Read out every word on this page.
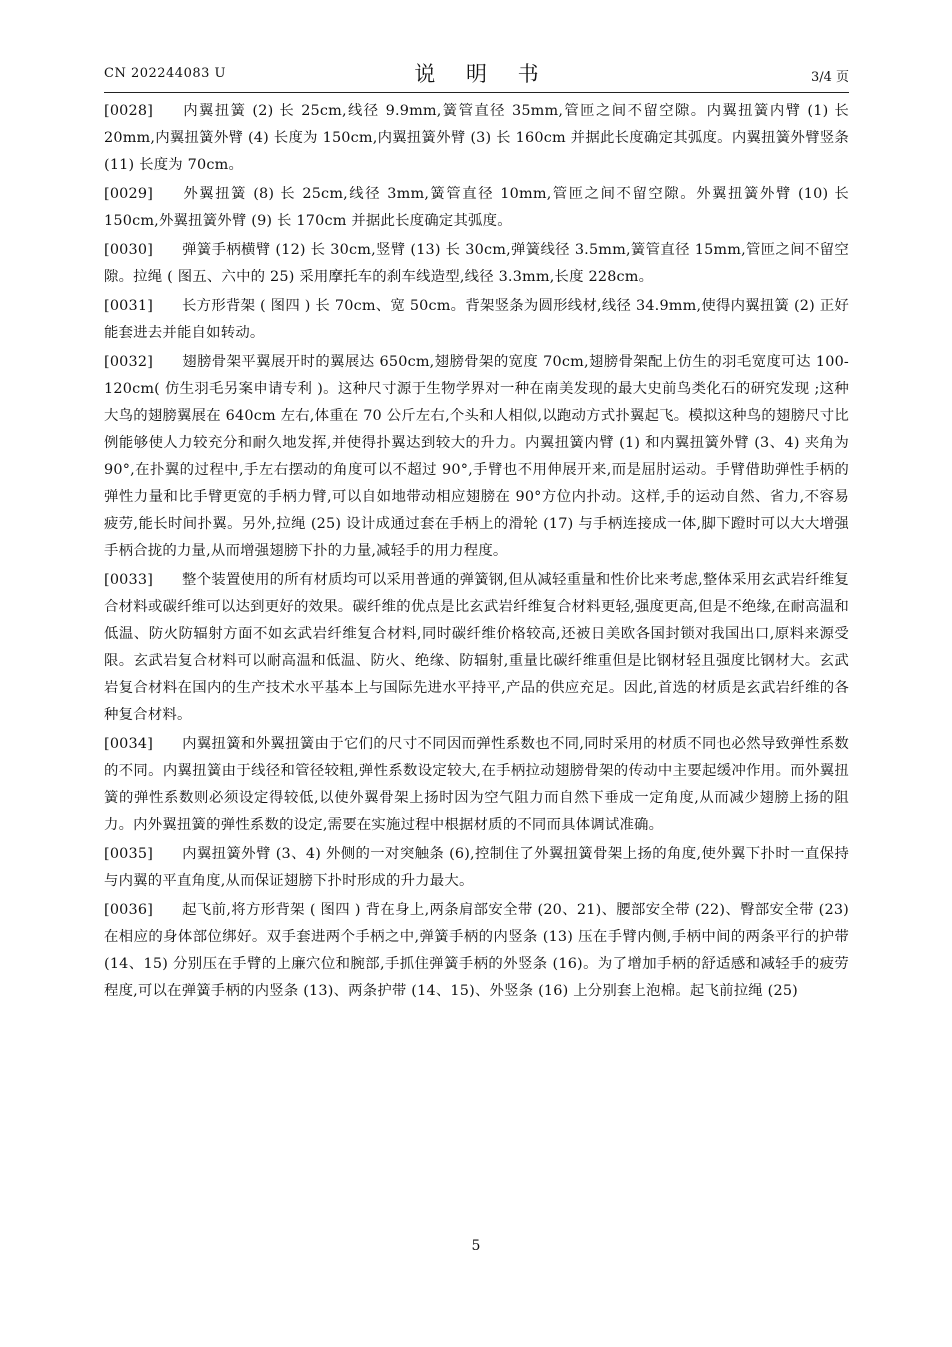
CN 202244083 U	说 明 书	3/4 页

[0028] 内翼扭簧 (2) 长 25cm,线径 9.9mm,簧管直径 35mm,管匝之间不留空隙。内翼扭簧内臂 (1) 长 20mm,内翼扭簧外臂 (4) 长度为 150cm,内翼扭簧外臂 (3) 长 160cm 并据此长度确定其弧度。内翼扭簧外臂竖条 (11) 长度为 70cm。

[0029] 外翼扭簧 (8) 长 25cm,线径 3mm,簧管直径 10mm,管匝之间不留空隙。外翼扭簧外臂 (10) 长 150cm,外翼扭簧外臂 (9) 长 170cm 并据此长度确定其弧度。

[0030] 弹簧手柄横臂 (12) 长 30cm,竖臂 (13) 长 30cm,弹簧线径 3.5mm,簧管直径 15mm,管匝之间不留空隙。拉绳 ( 图五、六中的 25) 采用摩托车的刹车线造型,线径 3.3mm,长度 228cm。

[0031] 长方形背架 ( 图四 ) 长 70cm、宽 50cm。背架竖条为圆形线材,线径 34.9mm,使得内翼扭簧 (2) 正好能套进去并能自如转动。

[0032] 翅膀骨架平翼展开时的翼展达 650cm,翅膀骨架的宽度 70cm,翅膀骨架配上仿生的羽毛宽度可达 100-120cm( 仿生羽毛另案申请专利 )。这种尺寸源于生物学界对一种在南美发现的最大史前鸟类化石的研究发现 ;这种大鸟的翅膀翼展在 640cm 左右,体重在 70 公斤左右,个头和人相似,以跑动方式扑翼起飞。模拟这种鸟的翅膀尺寸比例能够使人力较充分和耐久地发挥,并使得扑翼达到较大的升力。内翼扭簧内臂 (1) 和内翼扭簧外臂 (3、4) 夹角为 90°,在扑翼的过程中,手左右摆动的角度可以不超过 90°,手臂也不用伸展开来,而是屈肘运动。手臂借助弹性手柄的弹性力量和比手臂更宽的手柄力臂,可以自如地带动相应翅膀在 90°方位内扑动。这样,手的运动自然、省力,不容易疲劳,能长时间扑翼。另外,拉绳 (25) 设计成通过套在手柄上的滑轮 (17) 与手柄连接成一体,脚下蹬时可以大大增强手柄合拢的力量,从而增强翅膀下扑的力量,减轻手的用力程度。

[0033] 整个装置使用的所有材质均可以采用普通的弹簧钢,但从减轻重量和性价比来考虑,整体采用玄武岩纤维复合材料或碳纤维可以达到更好的效果。碳纤维的优点是比玄武岩纤维复合材料更轻,强度更高,但是不绝缘,在耐高温和低温、防火防辐射方面不如玄武岩纤维复合材料,同时碳纤维价格较高,还被日美欧各国封锁对我国出口,原料来源受限。玄武岩复合材料可以耐高温和低温、防火、绝缘、防辐射,重量比碳纤维重但是比钢材轻且强度比钢材大。玄武岩复合材料在国内的生产技术水平基本上与国际先进水平持平,产品的供应充足。因此,首选的材质是玄武岩纤维的各种复合材料。

[0034] 内翼扭簧和外翼扭簧由于它们的尺寸不同因而弹性系数也不同,同时采用的材质不同也必然导致弹性系数的不同。内翼扭簧由于线径和管径较粗,弹性系数设定较大,在手柄拉动翅膀骨架的传动中主要起缓冲作用。而外翼扭簧的弹性系数则必须设定得较低,以使外翼骨架上扬时因为空气阻力而自然下垂成一定角度,从而减少翅膀上扬的阻力。内外翼扭簧的弹性系数的设定,需要在实施过程中根据材质的不同而具体调试准确。

[0035] 内翼扭簧外臂 (3、4) 外侧的一对突触条 (6),控制住了外翼扭簧骨架上扬的角度,使外翼下扑时一直保持与内翼的平直角度,从而保证翅膀下扑时形成的升力最大。

[0036] 起飞前,将方形背架 ( 图四 ) 背在身上,两条肩部安全带 (20、21)、腰部安全带 (22)、臀部安全带 (23) 在相应的身体部位绑好。双手套进两个手柄之中,弹簧手柄的内竖条 (13) 压在手臂内侧,手柄中间的两条平行的护带 (14、15) 分别压在手臂的上廉穴位和腕部,手抓住弹簧手柄的外竖条 (16)。为了增加手柄的舒适感和减轻手的疲劳程度,可以在弹簧手柄的内竖条 (13)、两条护带 (14、15)、外竖条 (16) 上分别套上泡棉。起飞前拉绳 (25)

5
